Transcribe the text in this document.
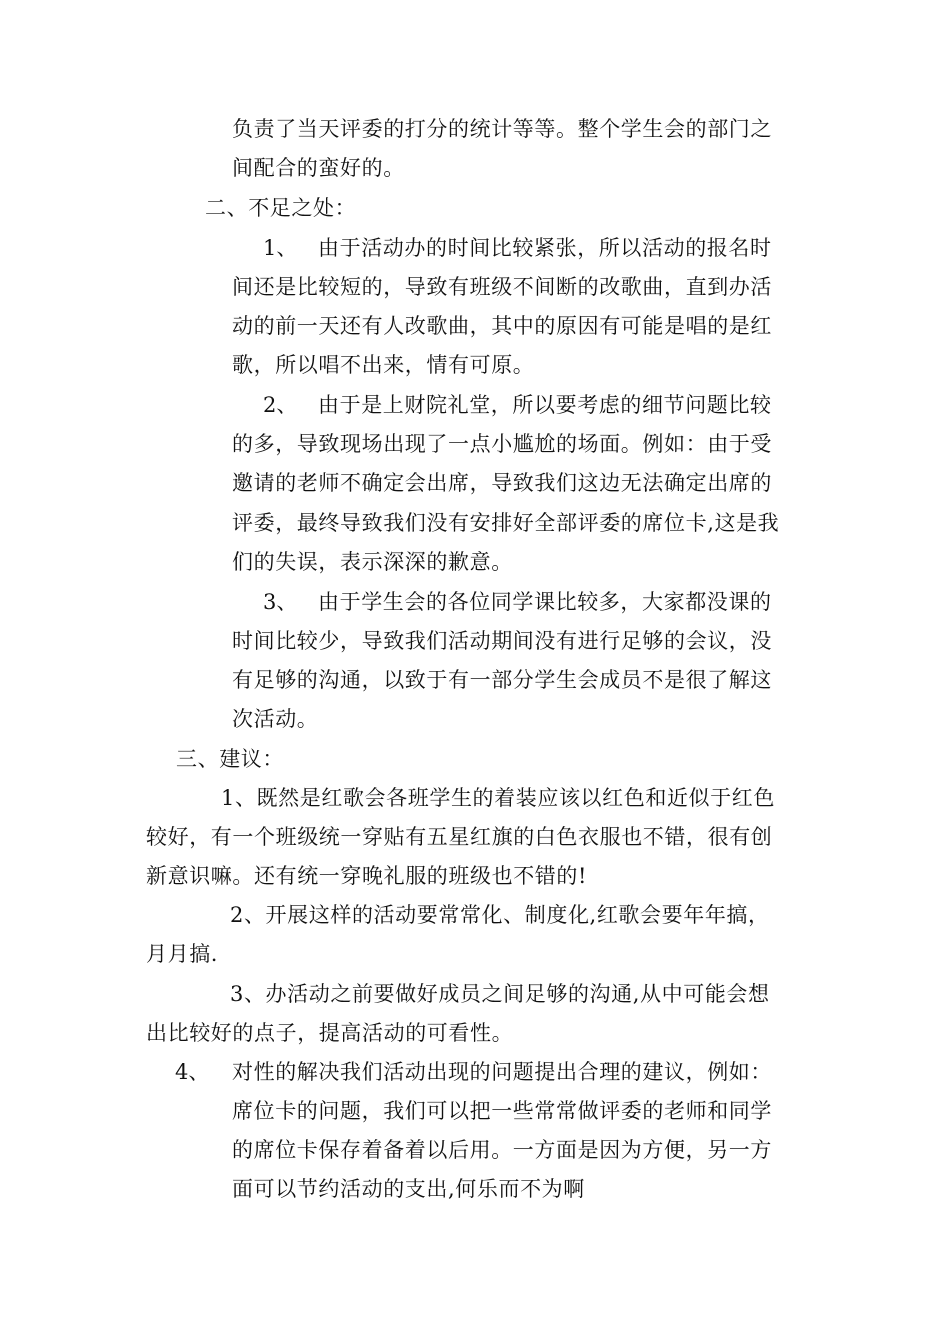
负责了当天评委的打分的统计等等。整个学生会的部门之
间配合的蛮好的。
二、不足之处：
1、 由于活动办的时间比较紧张，所以活动的报名时
间还是比较短的，导致有班级不间断的改歌曲，直到办活
动的前一天还有人改歌曲，其中的原因有可能是唱的是红
歌，所以唱不出来，情有可原。
2、 由于是上财院礼堂，所以要考虑的细节问题比较
的多，导致现场出现了一点小尴尬的场面。例如：由于受
邀请的老师不确定会出席，导致我们这边无法确定出席的
评委，最终导致我们没有安排好全部评委的席位卡,这是我
们的失误，表示深深的歉意。
3、 由于学生会的各位同学课比较多，大家都没课的
时间比较少，导致我们活动期间没有进行足够的会议，没
有足够的沟通，以致于有一部分学生会成员不是很了解这
次活动。
三、建议：
1、既然是红歌会各班学生的着装应该以红色和近似于红色
较好，有一个班级统一穿贴有五星红旗的白色衣服也不错，很有创
新意识嘛。还有统一穿晚礼服的班级也不错的!
2、开展这样的活动要常常化、制度化,红歌会要年年搞，
月月搞.
3、办活动之前要做好成员之间足够的沟通,从中可能会想
出比较好的点子，提高活动的可看性。
4、 对性的解决我们活动出现的问题提出合理的建议，例如：
席位卡的问题，我们可以把一些常常做评委的老师和同学
的席位卡保存着备着以后用。一方面是因为方便，另一方
面可以节约活动的支出,何乐而不为啊
